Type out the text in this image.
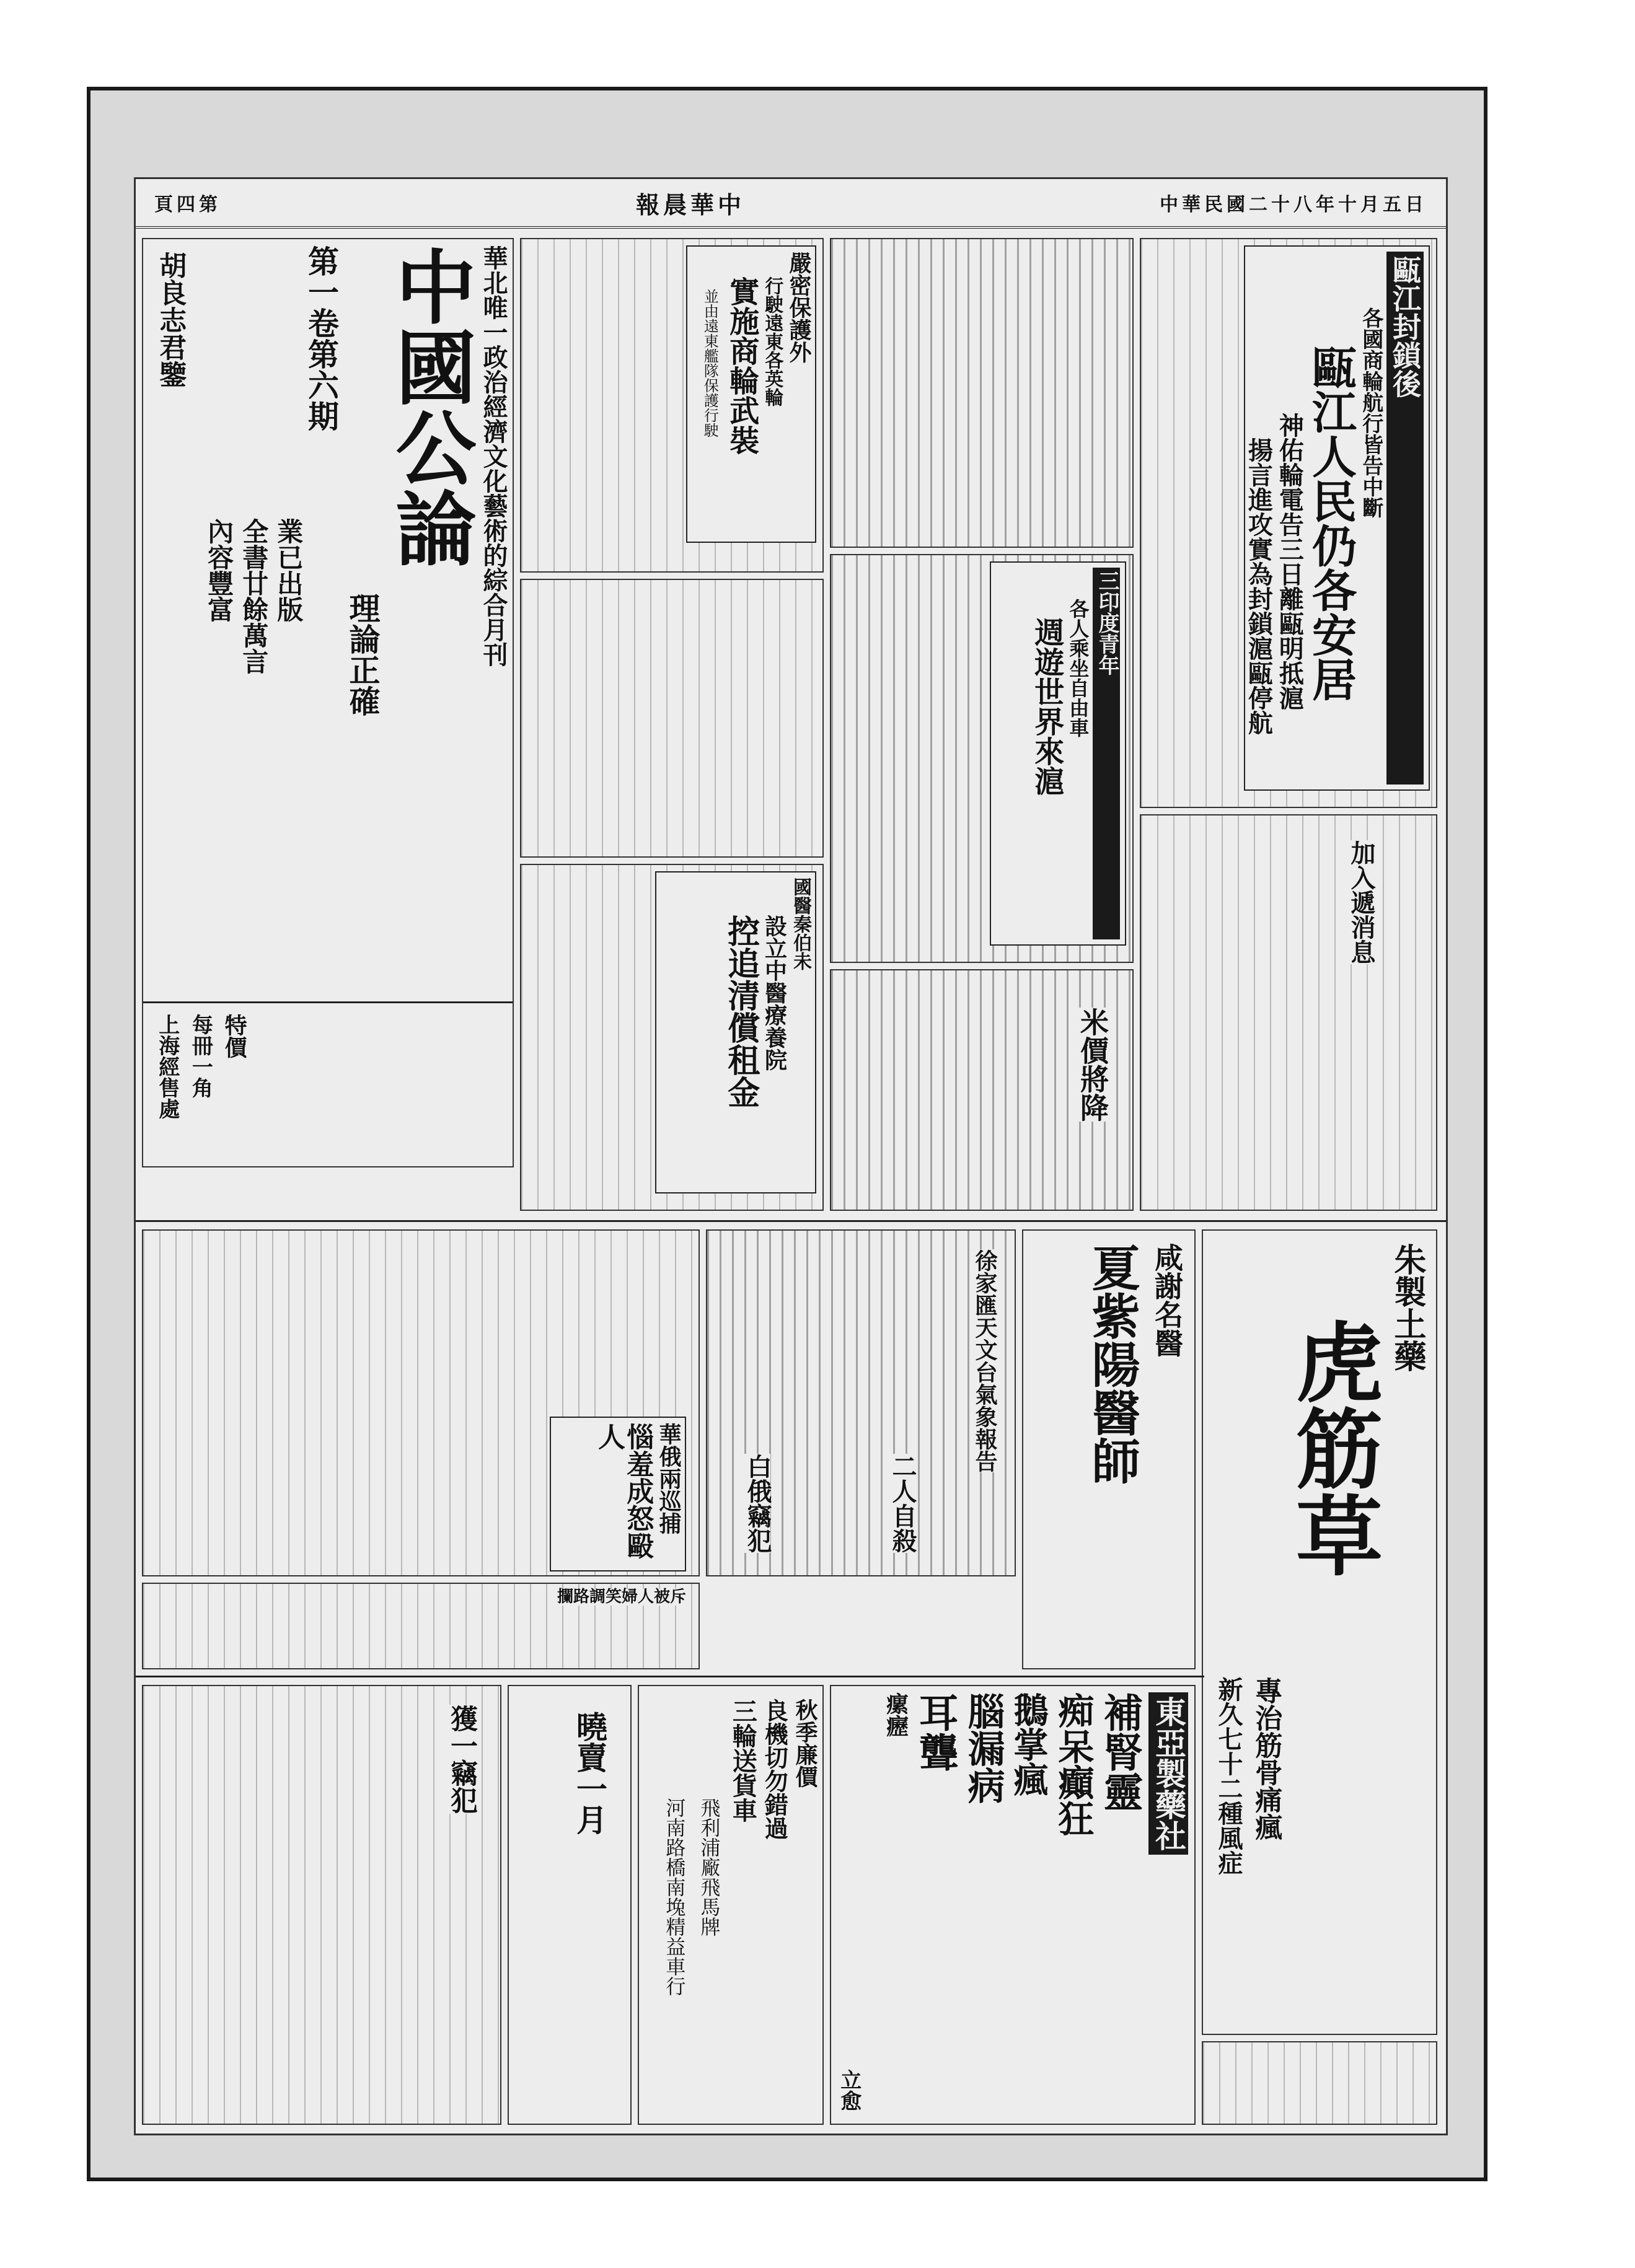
頁四第	報晨華中	中華民國二十八年十月五日
甌江封鎖後
各國商輪航行皆告中斷
甌江人民仍各安居
神佑輪電告三日離甌明抵滬
揚言進攻實為封鎖滬甌停航
嚴密保護外
行駛遠東各英輪
實施商輪武裝
並由遠東艦隊保護行駛
華北唯一政治經濟文化藝術的綜合月刊
中國公論
理論正確
第一卷第六期
胡良志君鑒
業已出版
全書廿餘萬言
內容豐富
特價
每冊一角
上海經售處
三印度青年
各人乘坐自由車
週遊世界來滬
加入遞消息
國醫秦伯未
設立中醫療養院
控追清償租金	米價將降
華俄兩巡捕
惱羞成怒毆人	徐家匯天文台氣象報告
白俄竊犯	二人自殺
攔路調笑婦人被斥
咸謝名醫
夏紫陽醫師	朱製土藥
虎筋草
專治筋骨痛瘋
新久七十二種風症
獲一竊犯	曉賣一月	秋季廉價
良機切勿錯過
三輪送貨車
飛利浦廠飛馬牌
河南路橋南堍精益車行
東亞製藥社
補腎靈
痴呆癲狂
鵝掌瘋
腦漏病
耳聾
瘰癧
立愈
